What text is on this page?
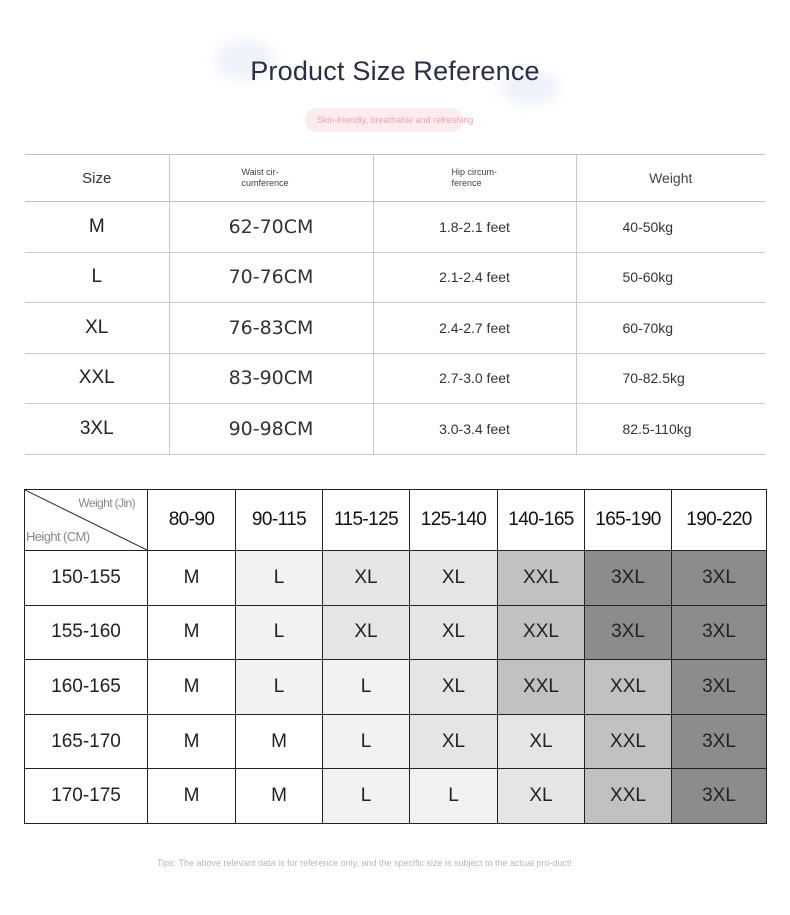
Product Size Reference
Skin-friendly, breathable and refreshing
Size	Waist cir-cumference	Hip circum-ference	Weight
M	62-70CM	1.8-2.1 feet	40-50kg
L	70-76CM	2.1-2.4 feet	50-60kg
XL	76-83CM	2.4-2.7 feet	60-70kg
XXL	83-90CM	2.7-3.0 feet	70-82.5kg
3XL	90-98CM	3.0-3.4 feet	82.5-110kg
Weight (Jin)
Height (CM)	80-90	90-115	115-125	125-140	140-165	165-190	190-220
150-155	M	L	XL	XL	XXL	3XL	3XL
155-160	M	L	XL	XL	XXL	3XL	3XL
160-165	M	L	L	XL	XXL	XXL	3XL
165-170	M	M	L	XL	XL	XXL	3XL
170-175	M	M	L	L	XL	XXL	3XL
Tips: The above relevant data is for reference only, and the specific size is subject to the actual pro-duct!
